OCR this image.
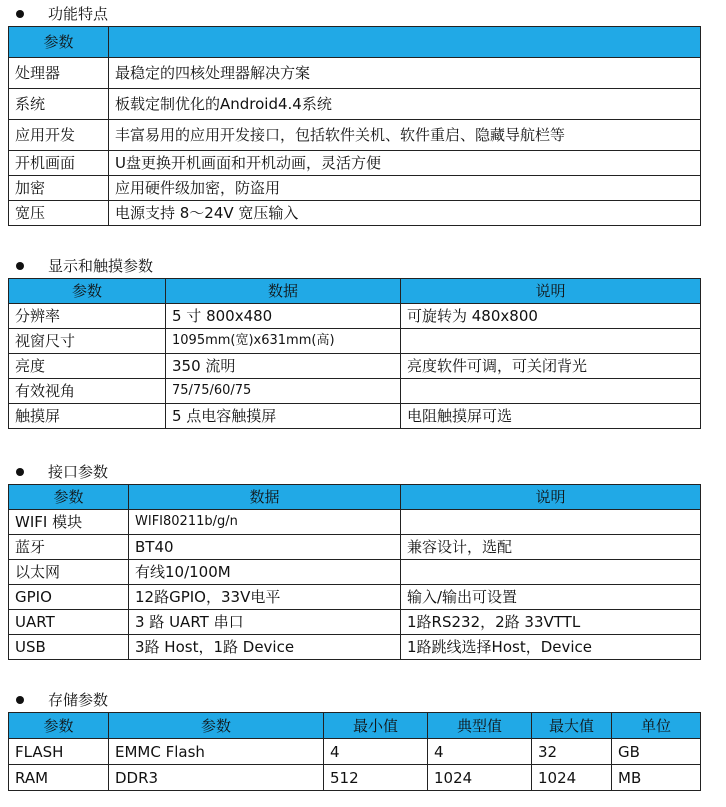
功能特点
参数	
处理器	最稳定的四核处理器解决方案
系统	板载定制优化的Android4.4系统
应用开发	丰富易用的应用开发接口，包括软件关机、软件重启、隐藏导航栏等
开机画面	U盘更换开机画面和开机动画，灵活方便
加密	应用硬件级加密，防盗用
宽压	电源支持 8～24V 宽压输入
显示和触摸参数
参数	数据	说明
分辨率	5 寸 800x480	可旋转为 480x800
视窗尺寸	1095mm(宽)x631mm(高)	
亮度	350 流明	亮度软件可调，可关闭背光
有效视角	75/75/60/75	
触摸屏	5 点电容触摸屏	电阻触摸屏可选
接口参数
参数	数据	说明
WIFI 模块	WIFI80211b/g/n	
蓝牙	BT40	兼容设计，选配
以太网	有线10/100M	
GPIO	12路GPIO，33V电平	输入/输出可设置
UART	3 路 UART 串口	1路RS232，2路 33VTTL
USB	3路 Host，1路 Device	1路跳线选择Host，Device
存储参数
参数	参数	最小值	典型值	最大值	单位
FLASH	EMMC Flash	4	4	32	GB
RAM	DDR3	512	1024	1024	MB
